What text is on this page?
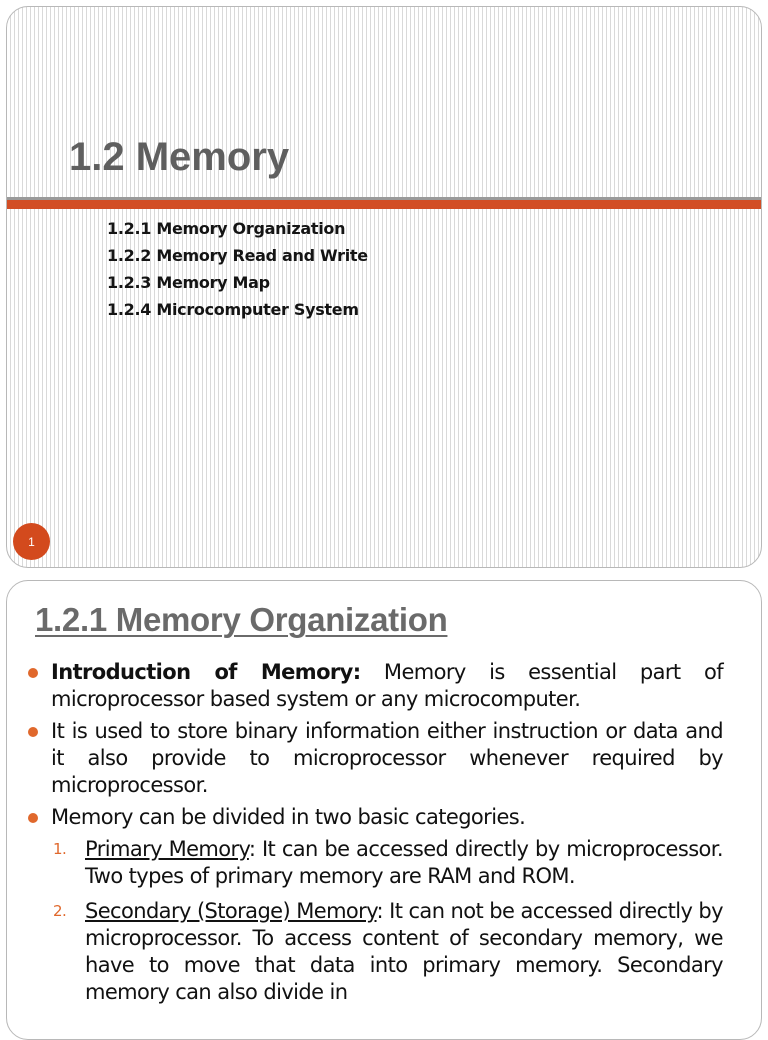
1.2 Memory
1.2.1 Memory Organization
1.2.2 Memory Read and Write
1.2.3 Memory Map
1.2.4 Microcomputer System
1
1.2.1 Memory Organization

Introduction of Memory: Memory is essential part of microprocessor based system or any microcomputer.

It is used to store binary information either instruction or data and it also provide to microprocessor whenever required by microprocessor.

Memory can be divided in two basic categories.

1. Primary Memory: It can be accessed directly by microprocessor. Two types of primary memory are RAM and ROM.

2. Secondary (Storage) Memory: It can not be accessed directly by microprocessor. To access content of secondary memory, we have to move that data into primary memory. Secondary memory can also divide in
